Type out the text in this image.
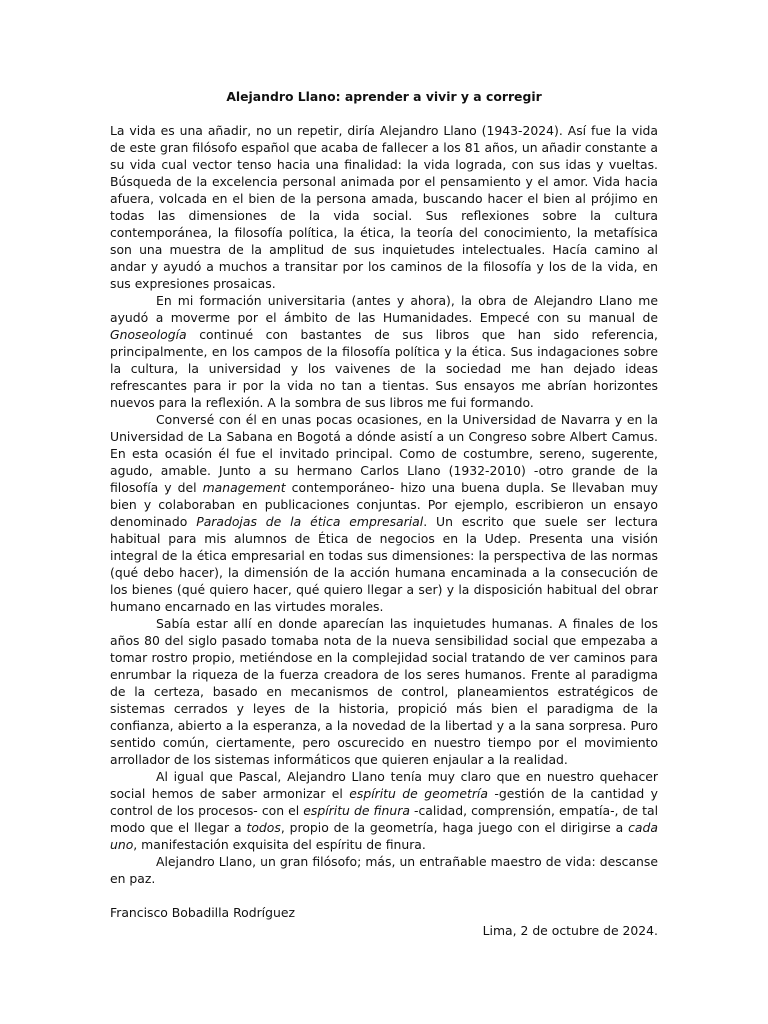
Alejandro Llano: aprender a vivir y a corregir

La vida es una añadir, no un repetir, diría Alejandro Llano (1943-2024). Así fue la vida de este gran filósofo español que acaba de fallecer a los 81 años, un añadir constante a su vida cual vector tenso hacia una finalidad: la vida lograda, con sus idas y vueltas. Búsqueda de la excelencia personal animada por el pensamiento y el amor. Vida hacia afuera, volcada en el bien de la persona amada, buscando hacer el bien al prójimo en todas las dimensiones de la vida social. Sus reflexiones sobre la cultura contemporánea, la filosofía política, la ética, la teoría del conocimiento, la metafísica son una muestra de la amplitud de sus inquietudes intelectuales. Hacía camino al andar y ayudó a muchos a transitar por los caminos de la filosofía y los de la vida, en sus expresiones prosaicas.

En mi formación universitaria (antes y ahora), la obra de Alejandro Llano me ayudó a moverme por el ámbito de las Humanidades. Empecé con su manual de Gnoseología continué con bastantes de sus libros que han sido referencia, principalmente, en los campos de la filosofía política y la ética. Sus indagaciones sobre la cultura, la universidad y los vaivenes de la sociedad me han dejado ideas refrescantes para ir por la vida no tan a tientas. Sus ensayos me abrían horizontes nuevos para la reflexión. A la sombra de sus libros me fui formando.

Conversé con él en unas pocas ocasiones, en la Universidad de Navarra y en la Universidad de La Sabana en Bogotá a dónde asistí a un Congreso sobre Albert Camus. En esta ocasión él fue el invitado principal. Como de costumbre, sereno, sugerente, agudo, amable. Junto a su hermano Carlos Llano (1932-2010) -otro grande de la filosofía y del management contemporáneo- hizo una buena dupla. Se llevaban muy bien y colaboraban en publicaciones conjuntas. Por ejemplo, escribieron un ensayo denominado Paradojas de la ética empresarial. Un escrito que suele ser lectura habitual para mis alumnos de Ética de negocios en la Udep. Presenta una visión integral de la ética empresarial en todas sus dimensiones: la perspectiva de las normas (qué debo hacer), la dimensión de la acción humana encaminada a la consecución de los bienes (qué quiero hacer, qué quiero llegar a ser) y la disposición habitual del obrar humano encarnado en las virtudes morales.

Sabía estar allí en donde aparecían las inquietudes humanas. A finales de los años 80 del siglo pasado tomaba nota de la nueva sensibilidad social que empezaba a tomar rostro propio, metiéndose en la complejidad social tratando de ver caminos para enrumbar la riqueza de la fuerza creadora de los seres humanos. Frente al paradigma de la certeza, basado en mecanismos de control, planeamientos estratégicos de sistemas cerrados y leyes de la historia, propició más bien el paradigma de la confianza, abierto a la esperanza, a la novedad de la libertad y a la sana sorpresa. Puro sentido común, ciertamente, pero oscurecido en nuestro tiempo por el movimiento arrollador de los sistemas informáticos que quieren enjaular a la realidad.

Al igual que Pascal, Alejandro Llano tenía muy claro que en nuestro quehacer social hemos de saber armonizar el espíritu de geometría -gestión de la cantidad y control de los procesos- con el espíritu de finura -calidad, comprensión, empatía-, de tal modo que el llegar a todos, propio de la geometría, haga juego con el dirigirse a cada uno, manifestación exquisita del espíritu de finura.

Alejandro Llano, un gran filósofo; más, un entrañable maestro de vida: descanse en paz.

Francisco Bobadilla Rodríguez

Lima, 2 de octubre de 2024.
